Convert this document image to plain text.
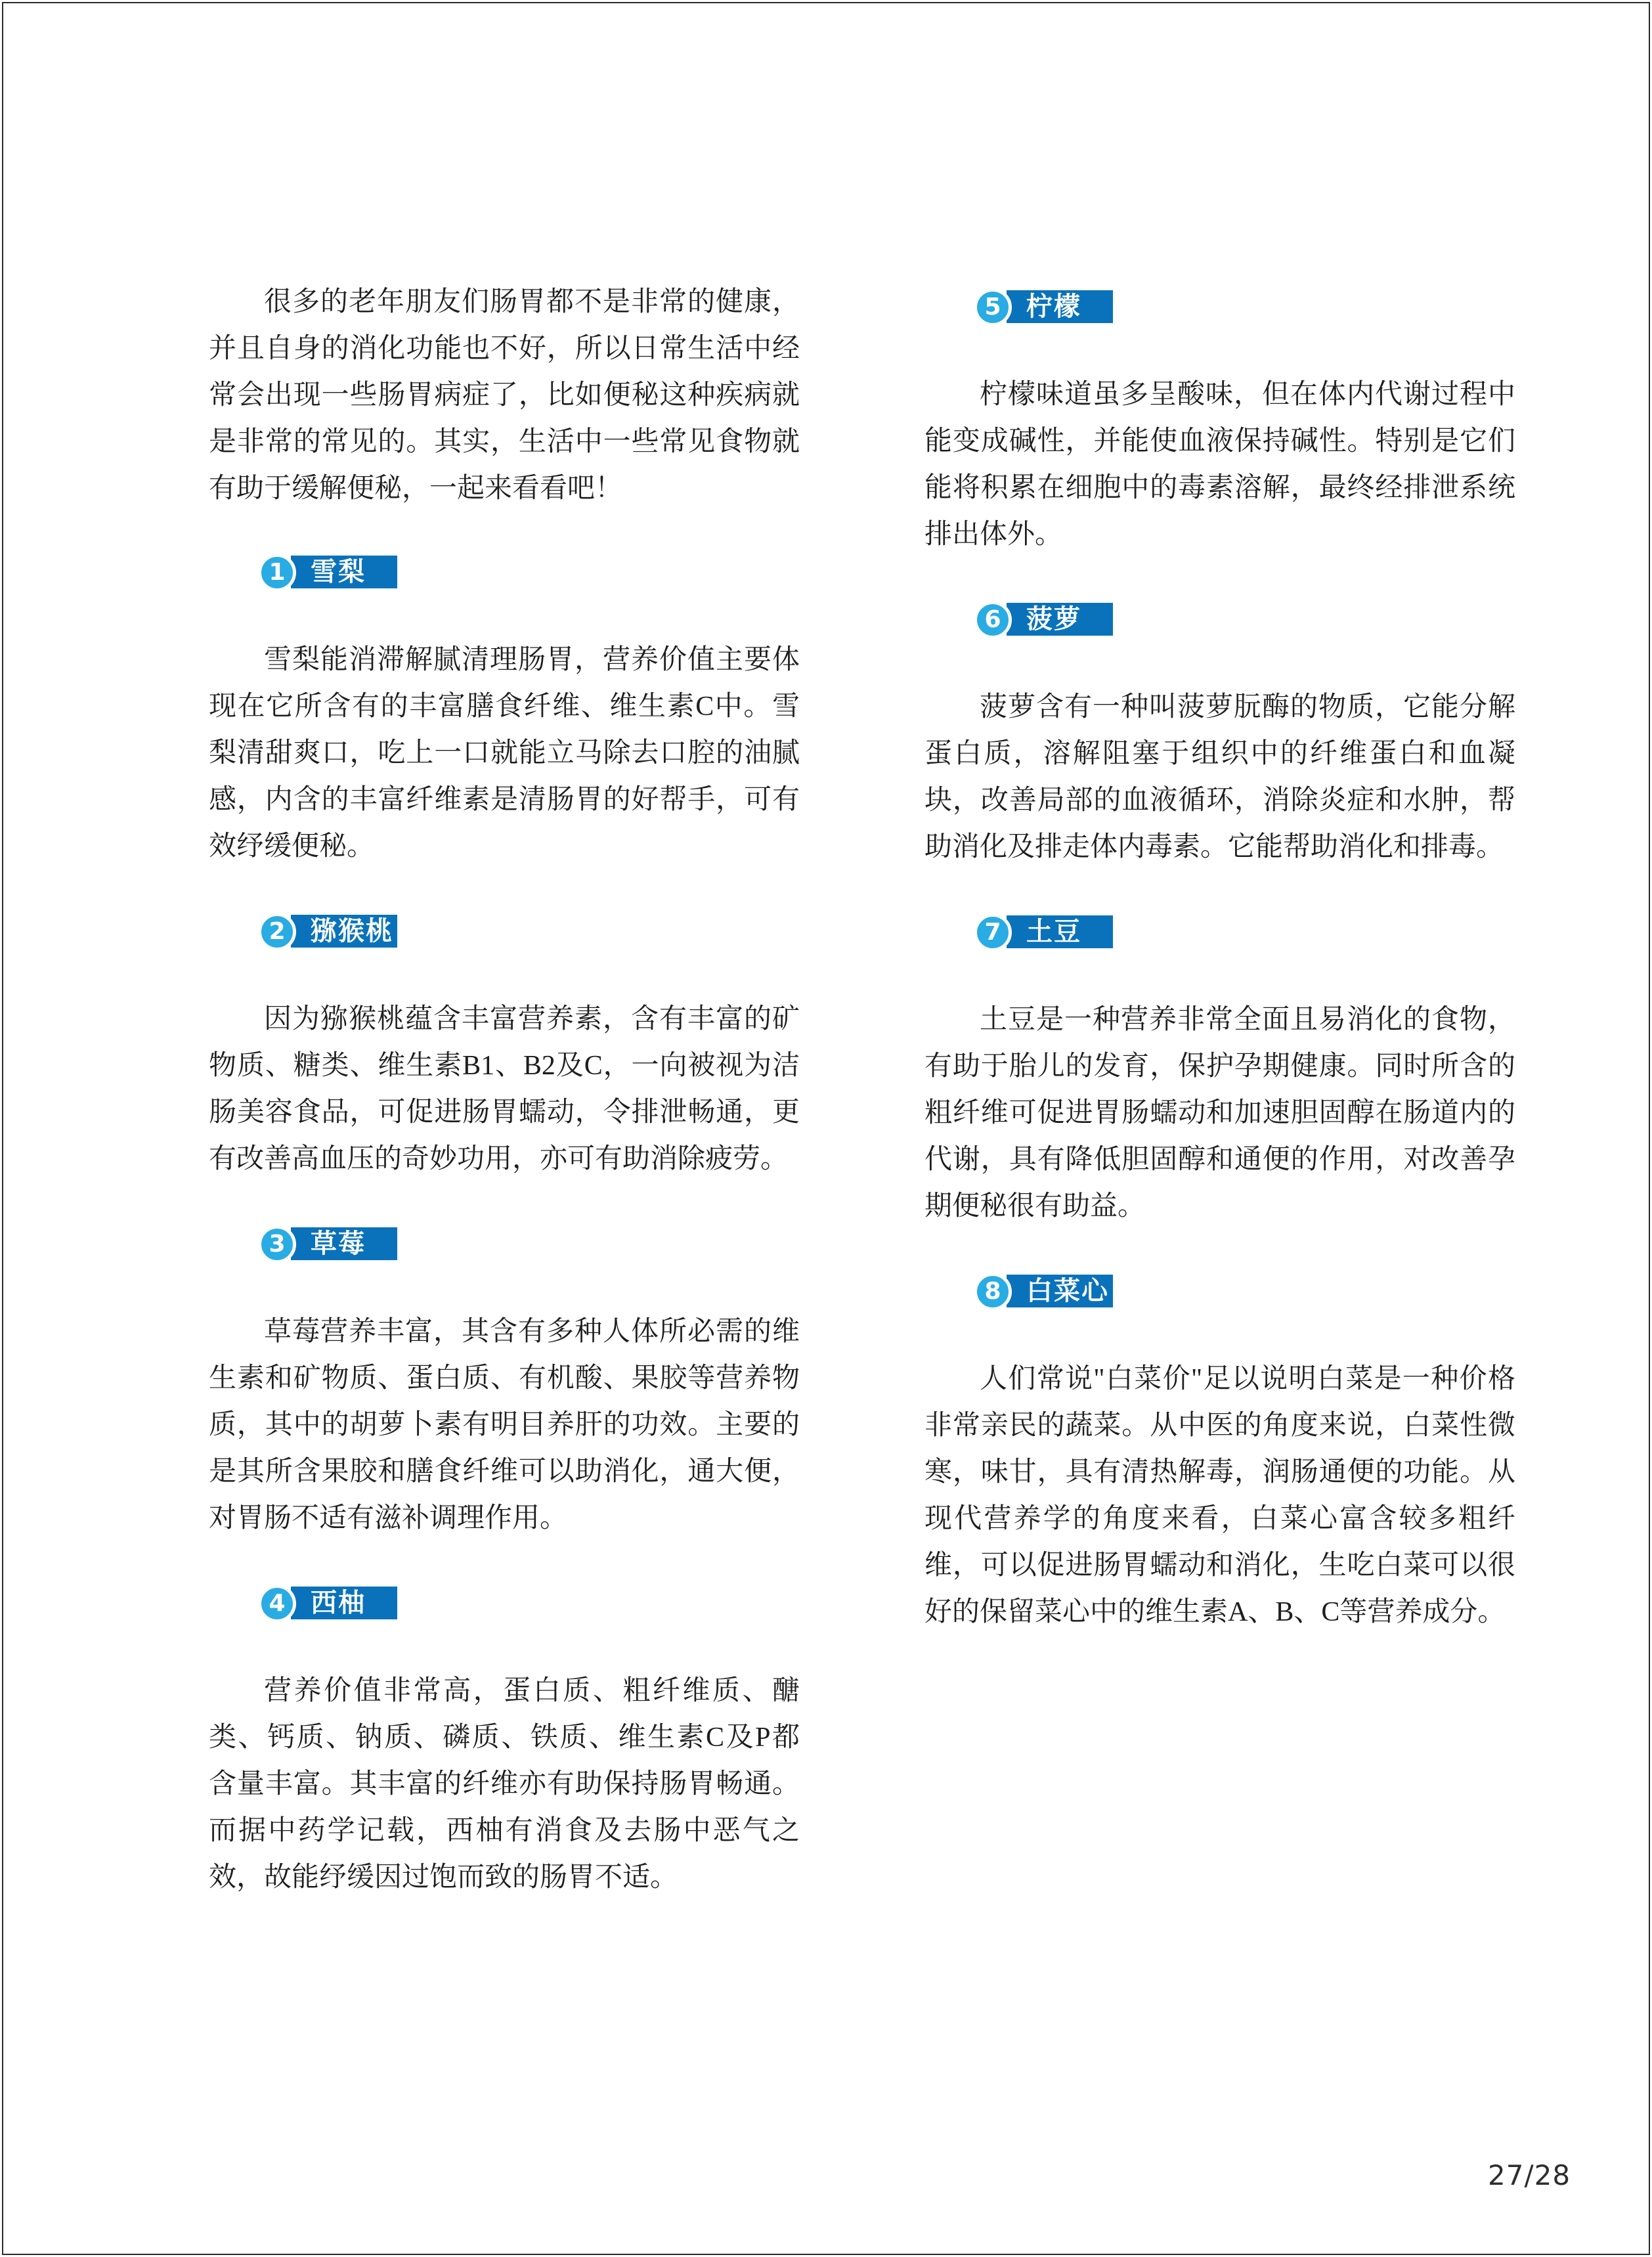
很多的老年朋友们肠胃都不是非常的健康，
并且自身的消化功能也不好，所以日常生活中经
常会出现一些肠胃病症了，比如便秘这种疾病就
是非常的常见的。其实，生活中一些常见食物就
有助于缓解便秘，一起来看看吧！
1 雪梨
雪梨能消滞解腻清理肠胃，营养价值主要体
现在它所含有的丰富膳食纤维、维生素C中。雪
梨清甜爽口，吃上一口就能立马除去口腔的油腻
感，内含的丰富纤维素是清肠胃的好帮手，可有
效纾缓便秘。
2 猕猴桃
因为猕猴桃蕴含丰富营养素，含有丰富的矿
物质、糖类、维生素B1、B2及C，一向被视为洁
肠美容食品，可促进肠胃蠕动，令排泄畅通，更
有改善高血压的奇妙功用，亦可有助消除疲劳。
3 草莓
草莓营养丰富，其含有多种人体所必需的维
生素和矿物质、蛋白质、有机酸、果胶等营养物
质，其中的胡萝卜素有明目养肝的功效。主要的
是其所含果胶和膳食纤维可以助消化，通大便，
对胃肠不适有滋补调理作用。
4 西柚
营养价值非常高，蛋白质、粗纤维质、醣
类、钙质、钠质、磷质、铁质、维生素C及P都
含量丰富。其丰富的纤维亦有助保持肠胃畅通。
而据中药学记载，西柚有消食及去肠中恶气之
效，故能纾缓因过饱而致的肠胃不适。
5 柠檬
柠檬味道虽多呈酸味，但在体内代谢过程中
能变成碱性，并能使血液保持碱性。特别是它们
能将积累在细胞中的毒素溶解，最终经排泄系统
排出体外。
6 菠萝
菠萝含有一种叫菠萝朊酶的物质，它能分解
蛋白质，溶解阻塞于组织中的纤维蛋白和血凝
块，改善局部的血液循环，消除炎症和水肿，帮
助消化及排走体内毒素。它能帮助消化和排毒。
7 土豆
土豆是一种营养非常全面且易消化的食物，
有助于胎儿的发育，保护孕期健康。同时所含的
粗纤维可促进胃肠蠕动和加速胆固醇在肠道内的
代谢，具有降低胆固醇和通便的作用，对改善孕
期便秘很有助益。
8 白菜心
人们常说"白菜价"足以说明白菜是一种价格
非常亲民的蔬菜。从中医的角度来说，白菜性微
寒，味甘，具有清热解毒，润肠通便的功能。从
现代营养学的角度来看，白菜心富含较多粗纤
维，可以促进肠胃蠕动和消化，生吃白菜可以很
好的保留菜心中的维生素A、B、C等营养成分。
27/28
